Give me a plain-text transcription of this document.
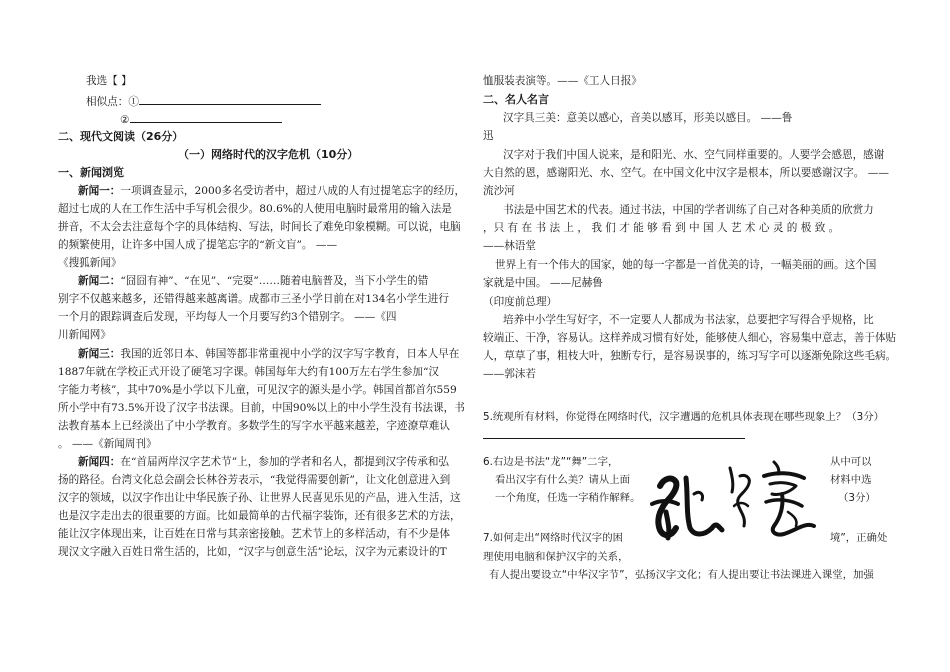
我选【 】
相似点：①
②
二、现代文阅读（26分）
（一）网络时代的汉字危机（10分）
一、新闻浏览
新闻一：一项调查显示，2000多名受访者中，超过八成的人有过提笔忘字的经历，
超过七成的人在工作生活中手写机会很少。80.6%的人使用电脑时最常用的输入法是
拼音，不太会去注意每个字的具体结构、写法，时间长了难免印象模糊。可以说，电脑
的频繁使用，让许多中国人成了提笔忘字的“新文盲”。 ——
《搜狐新闻》
新闻二：“囧囧有神”、“在见”、“完耍”……随着电脑普及，当下小学生的错
别字不仅越来越多，还错得越来越离谱。成都市三圣小学日前在对134名小学生进行
一个月的跟踪调查后发现，平均每人一个月要写约3个错别字。 ——《四
川新闻网》
新闻三：我国的近邻日本、韩国等都非常重视中小学的汉字写字教育，日本人早在
1887年就在学校正式开设了硬笔习字课。韩国每年大约有100万左右学生参加“汉
字能力考核”，其中70%是小学以下儿童，可见汉字的源头是小学。韩国首都首尔559
所小学中有73.5%开设了汉字书法课。目前，中国90%以上的中小学生没有书法课，书
法教育基本上已经淡出了中小学教育。多数学生的写字水平越来越差，字迹潦草难认
。 ——《新闻周刊》
新闻四：在“首届两岸汉字艺术节”上，参加的学者和名人，都提到汉字传承和弘
扬的路径。台湾文化总会副会长林谷芳表示，“我觉得需要创新”，让文化创意进入到
汉字的领域，以汉字作出让中华民族子孙、让世界人民喜见乐见的产品，进入生活，这
也是汉字走出去的很重要的方面。比如最简单的古代福字装饰，还有很多艺术的方法，
能让汉字体现出来，让百姓在日常与其亲密接触。艺术节上的多样活动，有不少是体
现汉文字融入百姓日常生活的，比如，“汉字与创意生活”论坛，汉字为元素设计的T
恤服装表演等。——《工人日报》
二、名人名言
汉字具三美：意美以感心，音美以感耳，形美以感目。 ——鲁
迅
汉字对于我们中国人说来，是和阳光、水、空气同样重要的。人要学会感恩，感谢
大自然的恩，感谢阳光、水、空气。在中国文化中汉字是根本，所以要感谢汉字。 ——
流沙河
书法是中国艺术的代表。通过书法，中国的学者训练了自己对各种美质的欣赏力
，只 有 在 书 法 上 ， 我 们 才 能 够 看 到 中 国 人 艺 术 心 灵 的 极 致 。
——林语堂
世界上有一个伟大的国家，她的每一字都是一首优美的诗，一幅美丽的画。这个国
家就是中国。 ——尼赫鲁
（印度前总理）
培养中小学生写好字，不一定要人人都成为书法家，总要把字写得合乎规格，比
较端正、干净，容易认。这样养成习惯有好处，能够使人细心，容易集中意志，善于体贴
人，草草了事，粗枝大叶，独断专行，是容易误事的，练习写字可以逐渐免除这些毛病。
——郭沫若
5.统观所有材料，你觉得在网络时代，汉字遭遇的危机具体表现在哪些现象上？（3分）
6.右边是书法“龙”“舞”二字，	从中可以
看出汉字有什么美？请从上面	材料中选
一个角度，任选一字稍作解释。	（3分）
7.如何走出“网络时代汉字的困	境”，正确处
理使用电脑和保护汉字的关系，
有人提出要设立“中华汉字节”，弘扬汉字文化；有人提出要让书法课进入课堂，加强
